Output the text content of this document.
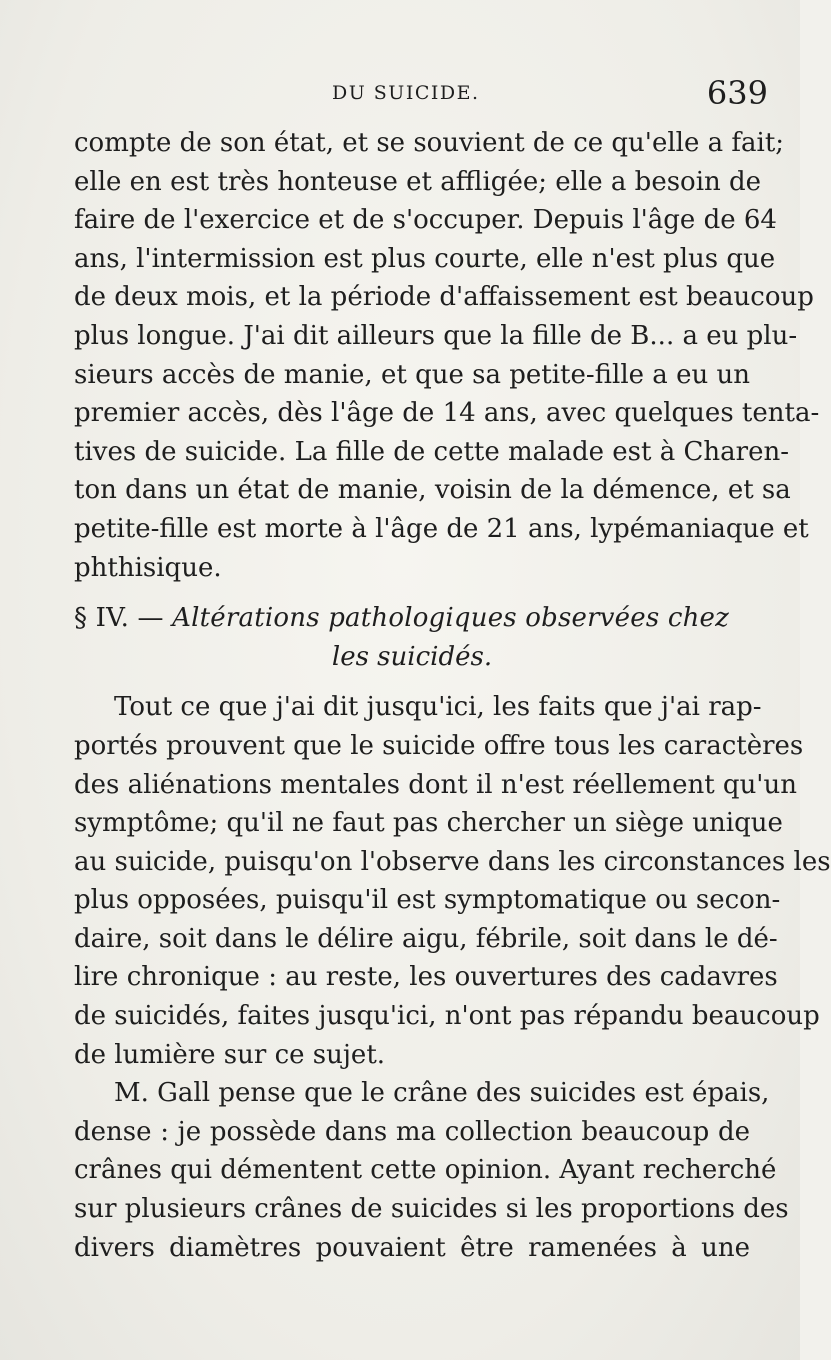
DU SUICIDE.	639
compte de son état, et se souvient de ce qu'elle a fait;
elle en est très honteuse et affligée; elle a besoin de
faire de l'exercice et de s'occuper. Depuis l'âge de 64
ans, l'intermission est plus courte, elle n'est plus que
de deux mois, et la période d'affaissement est beaucoup
plus longue. J'ai dit ailleurs que la fille de B... a eu plu-
sieurs accès de manie, et que sa petite-fille a eu un
premier accès, dès l'âge de 14 ans, avec quelques tenta-
tives de suicide. La fille de cette malade est à Charen-
ton dans un état de manie, voisin de la démence, et sa
petite-fille est morte à l'âge de 21 ans, lypémaniaque et
phthisique.
§ IV. — Altérations pathologiques observées chez
les suicidés.
Tout ce que j'ai dit jusqu'ici, les faits que j'ai rap-
portés prouvent que le suicide offre tous les caractères
des aliénations mentales dont il n'est réellement qu'un
symptôme; qu'il ne faut pas chercher un siège unique
au suicide, puisqu'on l'observe dans les circonstances les
plus opposées, puisqu'il est symptomatique ou secon-
daire, soit dans le délire aigu, fébrile, soit dans le dé-
lire chronique : au reste, les ouvertures des cadavres
de suicidés, faites jusqu'ici, n'ont pas répandu beaucoup
de lumière sur ce sujet.
M. Gall pense que le crâne des suicides est épais,
dense : je possède dans ma collection beaucoup de
crânes qui démentent cette opinion. Ayant recherché
sur plusieurs crânes de suicides si les proportions des
divers diamètres pouvaient être ramenées à une
